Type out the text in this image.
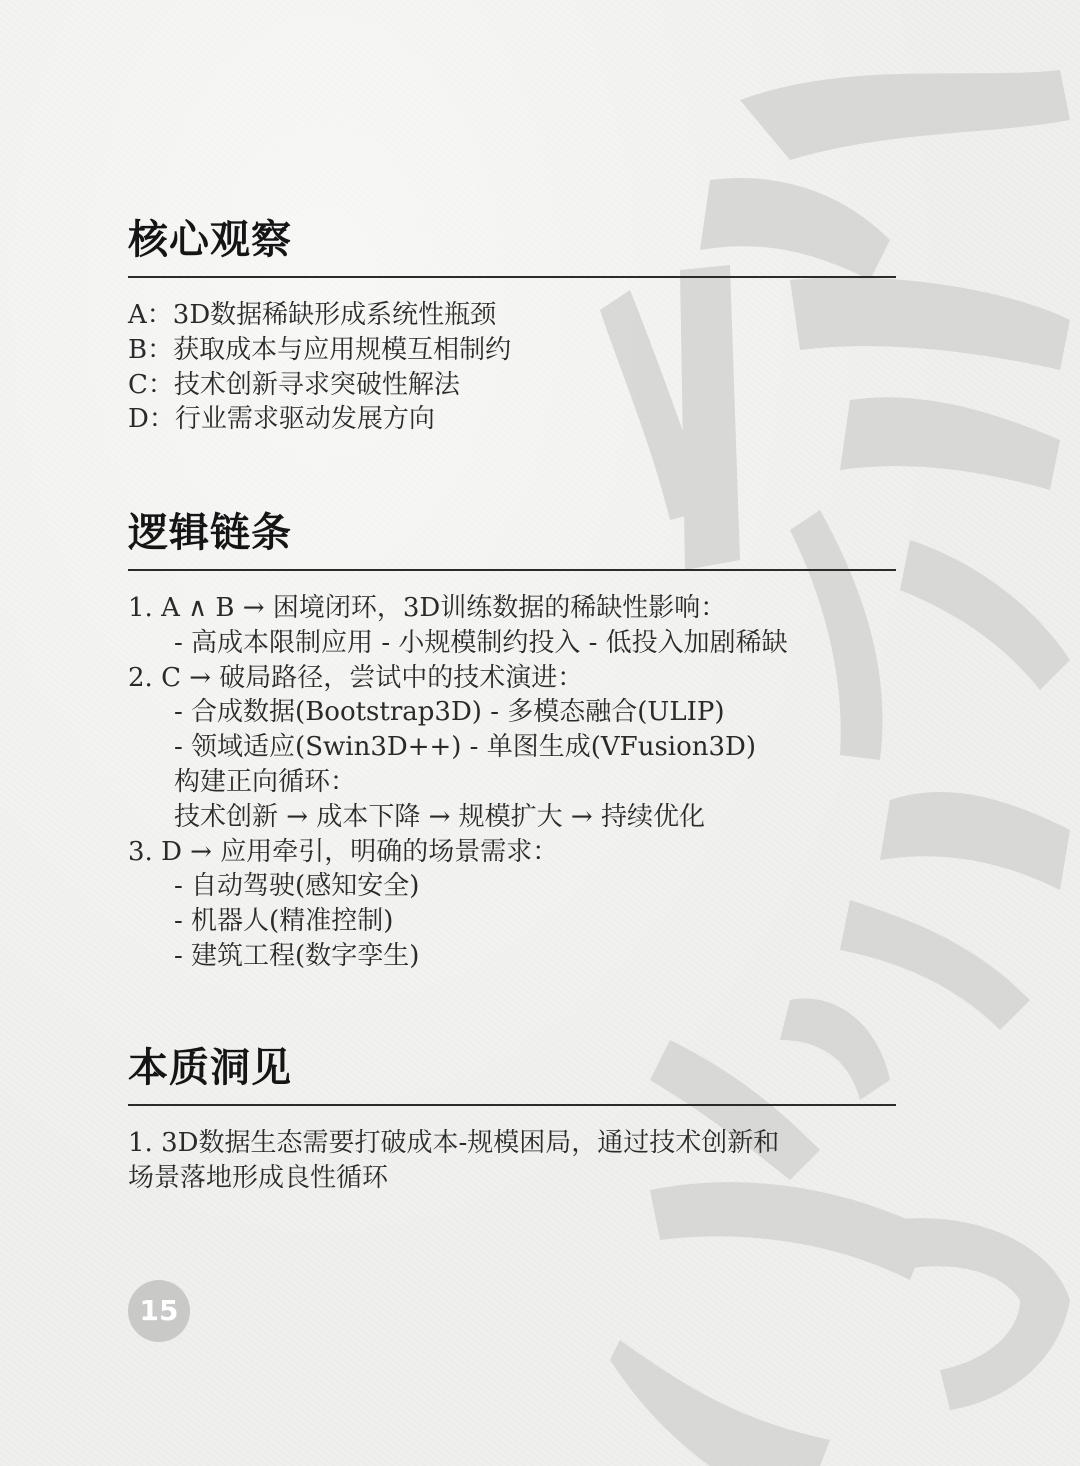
核心观察
A：3D数据稀缺形成系统性瓶颈
B：获取成本与应用规模互相制约
C：技术创新寻求突破性解法
D：行业需求驱动发展方向
逻辑链条
1. A ∧ B → 困境闭环，3D训练数据的稀缺性影响：
- 高成本限制应用 - 小规模制约投入 - 低投入加剧稀缺
2. C → 破局路径，尝试中的技术演进：
- 合成数据(Bootstrap3D) - 多模态融合(ULIP)
- 领域适应(Swin3D++) - 单图生成(VFusion3D)
构建正向循环：
技术创新 → 成本下降 → 规模扩大 → 持续优化
3. D → 应用牵引，明确的场景需求：
- 自动驾驶(感知安全)
- 机器人(精准控制)
- 建筑工程(数字孪生)
本质洞见
1. 3D数据生态需要打破成本-规模困局，通过技术创新和
场景落地形成良性循环
15
